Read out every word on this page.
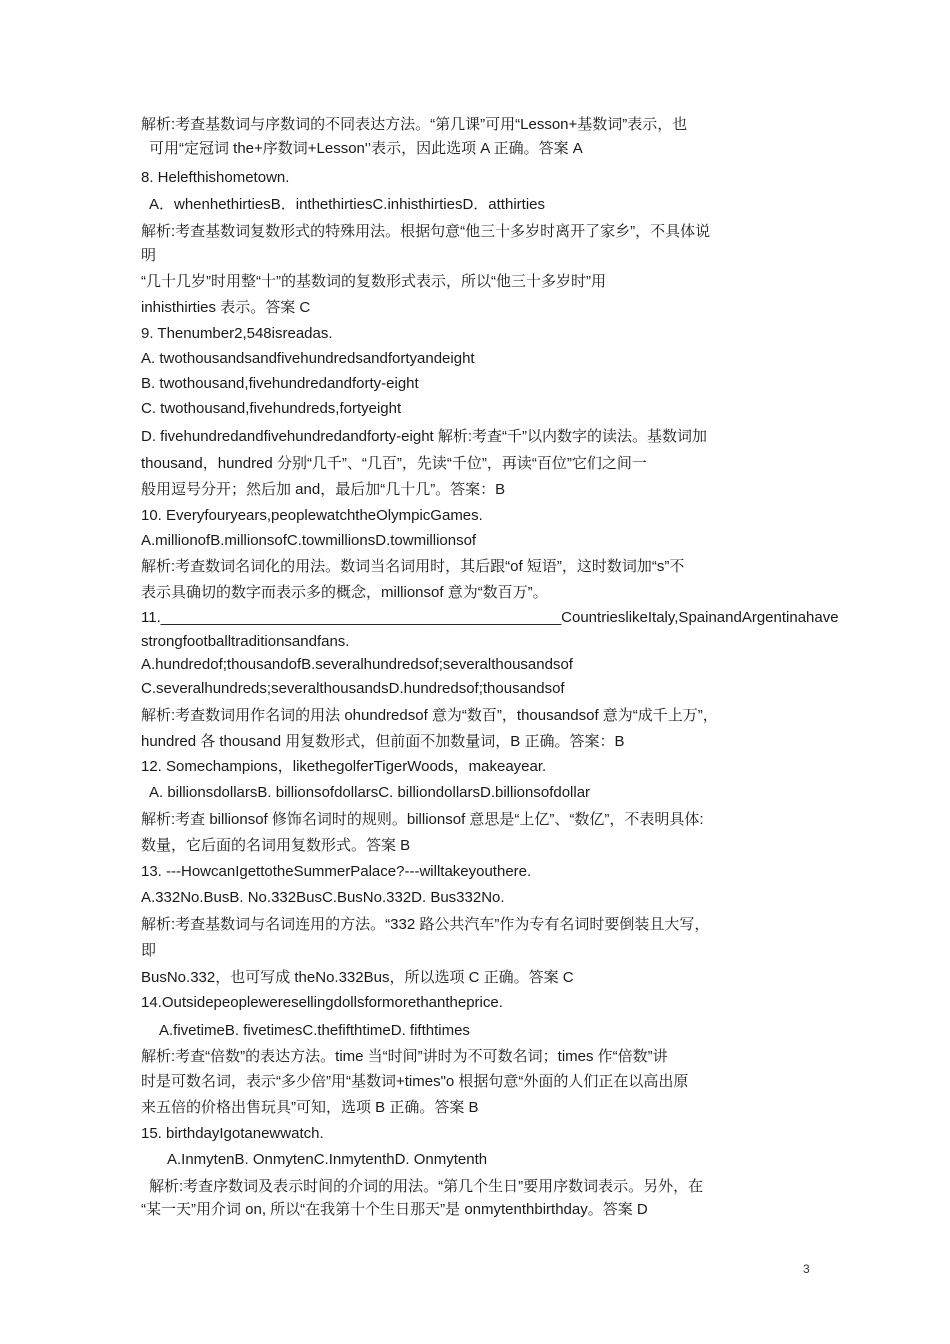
解析:考查基数词与序数词的不同表达方法。“第几课”可用“Lesson+基数词”表示，也
可用“定冠词 the+序数词+Lesson'’表示，因此选项 A 正确。答案 A
8. Helefthishometown.
A．whenhethirtiesB．inthethirtiesC.inhisthirtiesD．atthirties
解析:考查基数词复数形式的特殊用法。根据句意“他三十多岁时离开了家乡”，不具体说
明
“几十几岁”时用整“十”的基数词的复数形式表示，所以“他三十多岁时”用
inhisthirties 表示。答案 C
9. Thenumber2,548isreadas.
A. twothousandsandfivehundredsandfortyandeight
B. twothousand,fivehundredandforty-eight
C. twothousand,fivehundreds,fortyeight
D. fivehundredandfivehundredandforty-eight 解析:考查“千”以内数字的读法。基数词加
thousand，hundred 分别“几千”、“几百”，先读“千位”，再读“百位”它们之间一
般用逗号分开；然后加 and，最后加“几十几”。答案：B
10. Everyfouryears,peoplewatchtheOlympicGames.
A.millionofB.millionsofC.towmillionsD.towmillionsof
解析:考查数词名词化的用法。数词当名词用时，其后跟“of 短语”，这时数词加“s”不
表示具确切的数字而表示多的概念，millionsof 意为“数百万”。
11.________________________________________________CountrieslikeItaly,SpainandArgentinahave
strongfootballtraditionsandfans.
A.hundredof;thousandofB.severalhundredsof;severalthousandsof
C.severalhundreds;severalthousandsD.hundredsof;thousandsof
解析:考查数词用作名词的用法 ohundredsof 意为“数百”，thousandsof 意为“成千上万”，
hundred 各 thousand 用复数形式，但前面不加数量词，B 正确。答案：B
12. Somechampions，likethegolferTigerWoods，makeayear.
A. billionsdollarsB. billionsofdollarsC. billiondollarsD.billionsofdollar
解析:考查 billionsof 修饰名词时的规则。billionsof 意思是“上亿”、“数亿”，不表明具体:
数量，它后面的名词用复数形式。答案 B
13. ---HowcanIgettotheSummerPalace?---willtakeyouthere.
A.332No.BusB. No.332BusC.BusNo.332D. Bus332No.
解析:考查基数词与名词连用的方法。“332 路公共汽车”作为专有名词时要倒装且大写，
即
BusNo.332，也可写成 theNo.332Bus，所以选项 C 正确。答案 C
14.Outsidepeopleweresellingdollsformorethantheprice.
A.fivetimeB. fivetimesC.thefifthtimeD. fifthtimes
解析:考查“倍数”的表达方法。time 当“时间”讲时为不可数名词；times 作“倍数”讲
时是可数名词，表示“多少倍”用“基数词+times"o 根据句意“外面的人们正在以高出原
来五倍的价格出售玩具”可知，选项 B 正确。答案 B
15. birthdayIgotanewwatch.
A.InmytenB. OnmytenC.InmytenthD. Onmytenth
解析:考查序数词及表示时间的介词的用法。“第几个生日”要用序数词表示。另外，在
“某一天”用介词 on, 所以“在我第十个生日那天”是 onmytenthbirthday。答案 D
3
